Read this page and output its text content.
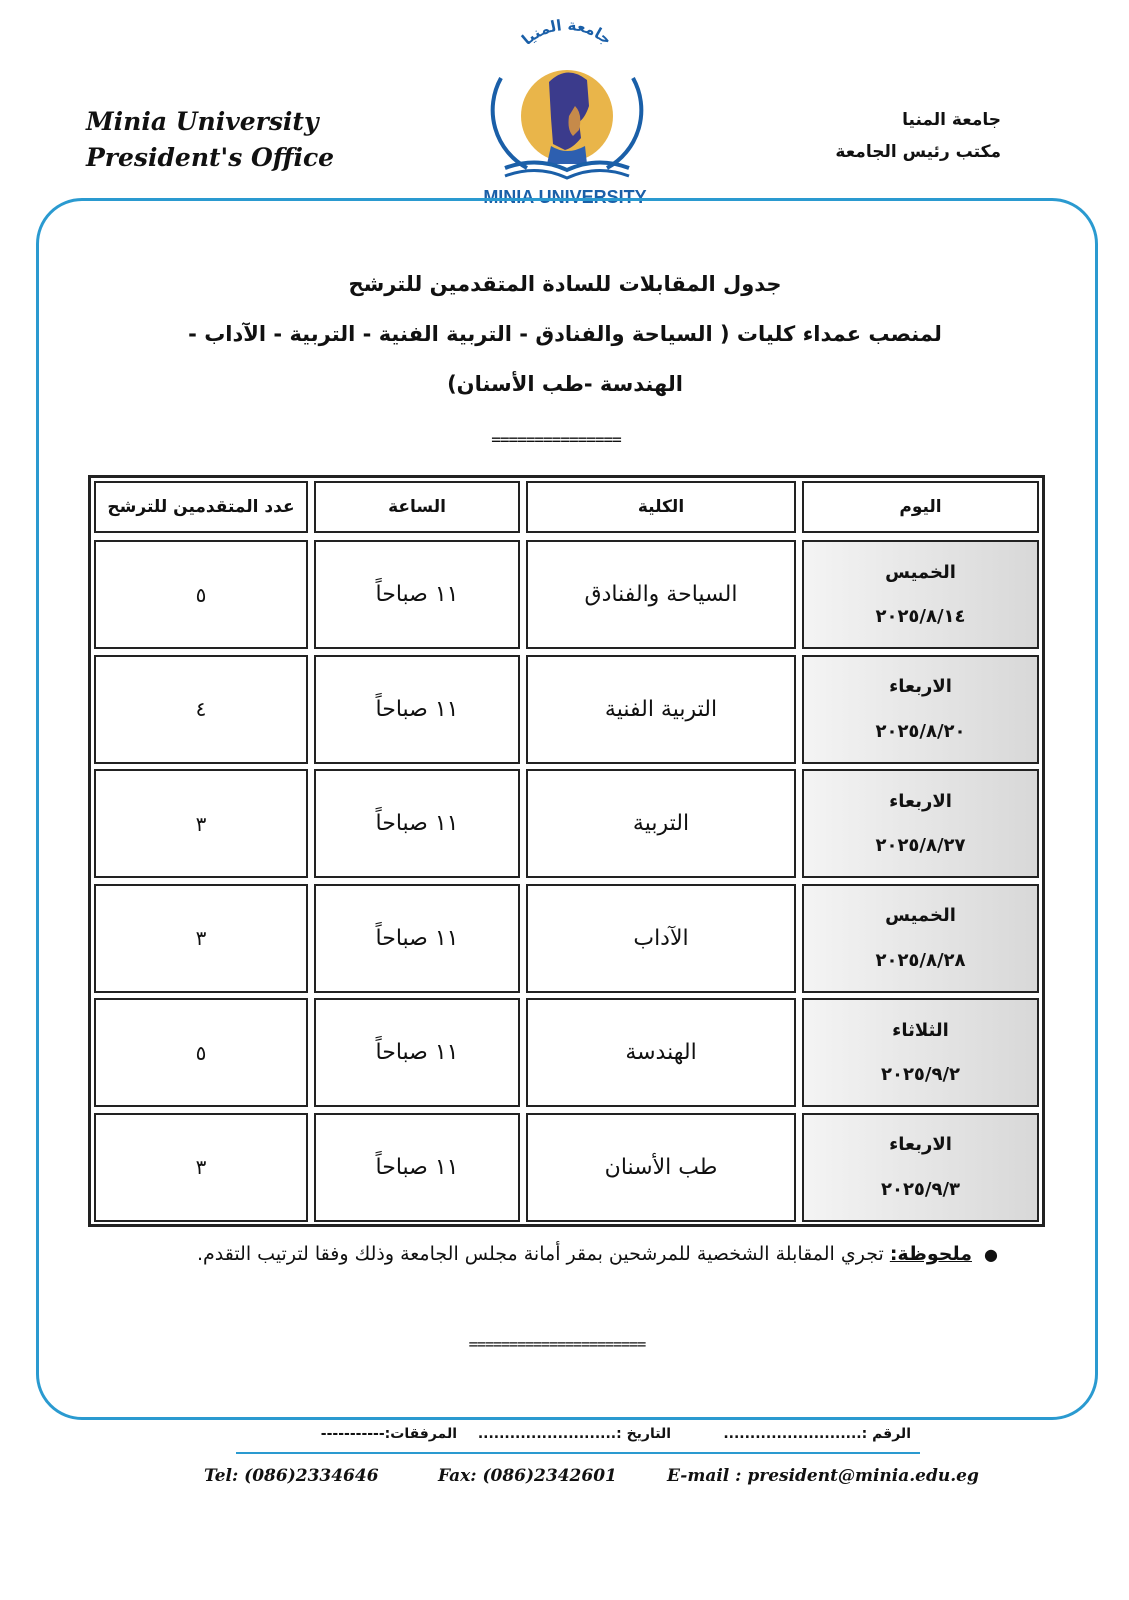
Minia University
President's Office
جامعة المنيا
مكتب رئيس الجامعة
جامعة المنيا
MINIA UNIVERSITY
جدول المقابلات للسادة المتقدمين للترشح
لمنصب عمداء كليات ( السياحة والفنادق - التربية الفنية - التربية - الآداب -
الهندسة -طب الأسنان)
===============
اليوم
الكلية
الساعة
عدد المتقدمين للترشح
الخميس
٢٠٢٥/٨/١٤
السياحة والفنادق
١١ صباحاً
٥
الاربعاء
٢٠٢٥/٨/٢٠
التربية الفنية
١١ صباحاً
٤
الاربعاء
٢٠٢٥/٨/٢٧
التربية
١١ صباحاً
٣
الخميس
٢٠٢٥/٨/٢٨
الآداب
١١ صباحاً
٣
الثلاثاء
٢٠٢٥/٩/٢
الهندسة
١١ صباحاً
٥
الاربعاء
٢٠٢٥/٩/٣
طب الأسنان
١١ صباحاً
٣
● ملحوظة: تجري المقابلة الشخصية للمرشحين بمقر أمانة مجلس الجامعة وذلك وفقا لترتيب التقدم.
======================
الرقم :..........................
التاريخ :..........................
المرفقات:-----------
Tel: (086)2334646	Fax: (086)2342601	E-mail : president@minia.edu.eg
